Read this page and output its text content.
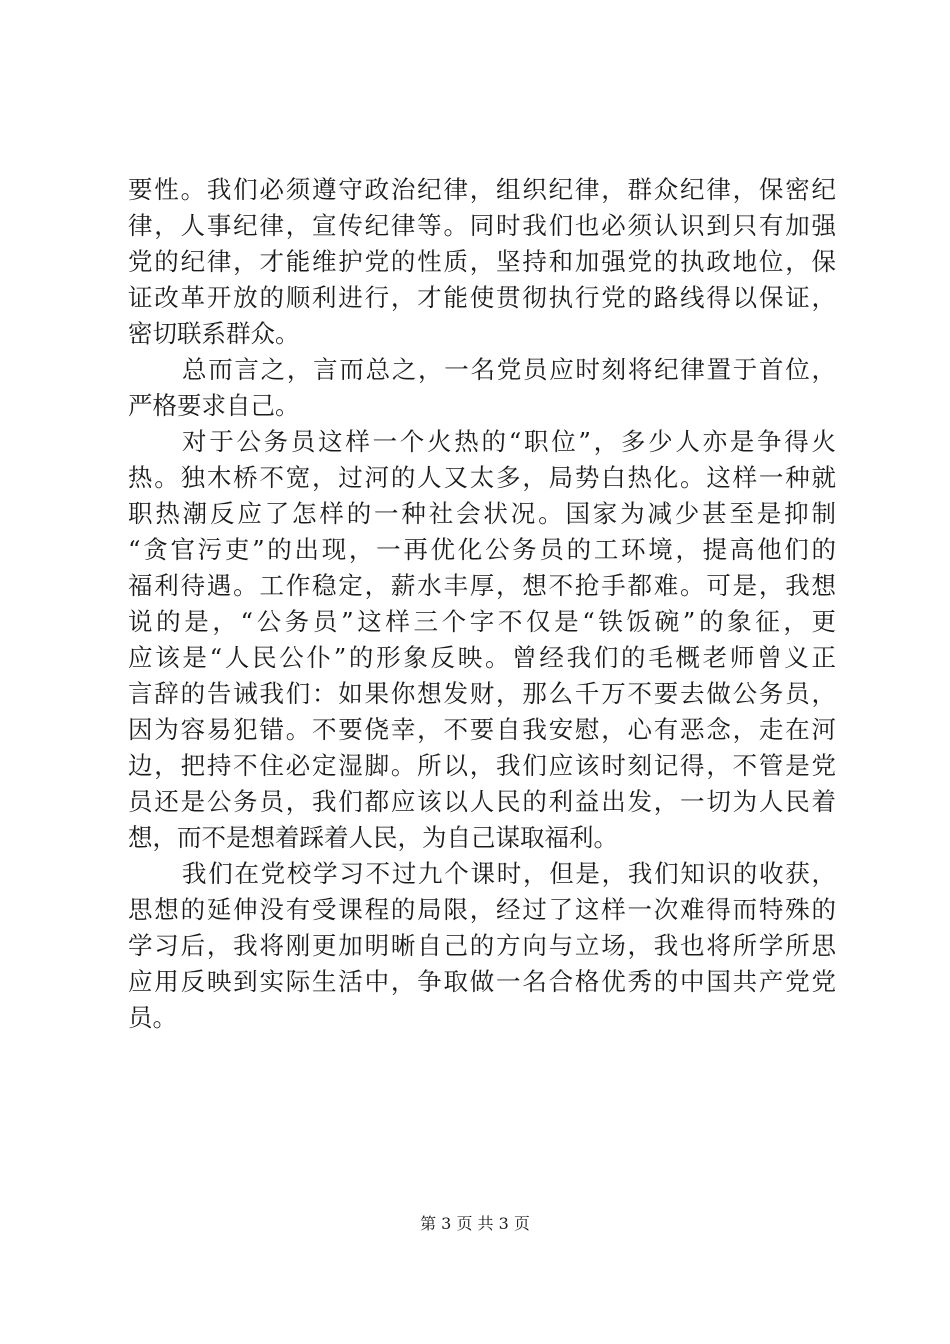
要性。我们必须遵守政治纪律，组织纪律，群众纪律，保密纪
律，人事纪律，宣传纪律等。同时我们也必须认识到只有加强
党的纪律，才能维护党的性质，坚持和加强党的执政地位，保
证改革开放的顺利进行，才能使贯彻执行党的路线得以保证，
密切联系群众。
总而言之，言而总之，一名党员应时刻将纪律置于首位，
严格要求自己。
对于公务员这样一个火热的“职位”，多少人亦是争得火
热。独木桥不宽，过河的人又太多，局势白热化。这样一种就
职热潮反应了怎样的一种社会状况。国家为减少甚至是抑制
“贪官污吏”的出现，一再优化公务员的工环境，提高他们的
福利待遇。工作稳定，薪水丰厚，想不抢手都难。可是，我想
说的是，“公务员”这样三个字不仅是“铁饭碗”的象征，更
应该是“人民公仆”的形象反映。曾经我们的毛概老师曾义正
言辞的告诫我们：如果你想发财，那么千万不要去做公务员，
因为容易犯错。不要侥幸，不要自我安慰，心有恶念，走在河
边，把持不住必定湿脚。所以，我们应该时刻记得，不管是党
员还是公务员，我们都应该以人民的利益出发，一切为人民着
想，而不是想着踩着人民，为自己谋取福利。
我们在党校学习不过九个课时，但是，我们知识的收获，
思想的延伸没有受课程的局限，经过了这样一次难得而特殊的
学习后，我将刚更加明晰自己的方向与立场，我也将所学所思
应用反映到实际生活中，争取做一名合格优秀的中国共产党党
员。
第 3 页 共 3 页
